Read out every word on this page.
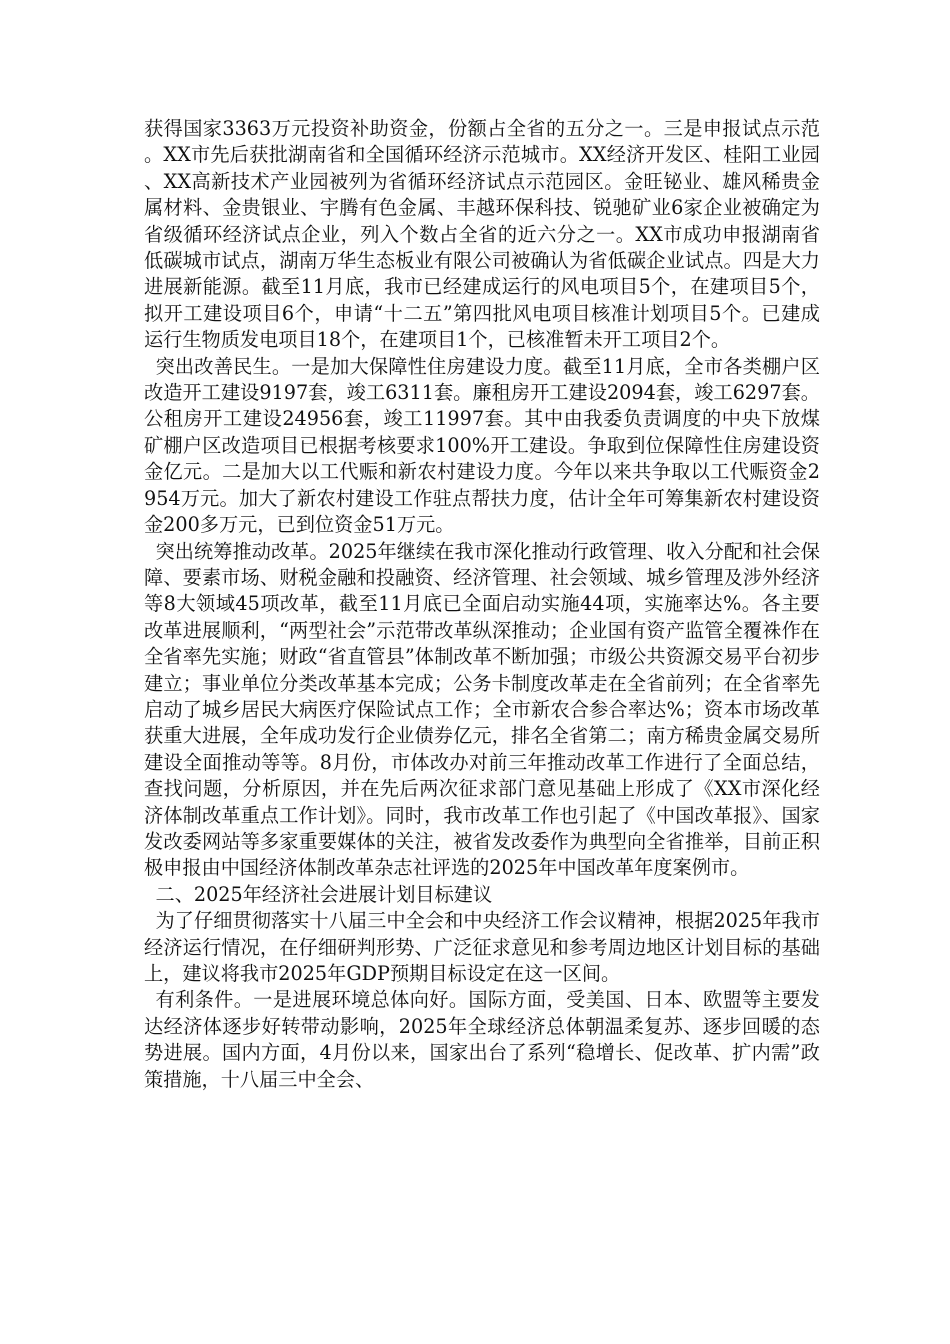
获得国家3363万元投资补助资金，份额占全省的五分之一。三是申报试点示范。XX市先后获批湖南省和全国循环经济示范城市。XX经济开发区、桂阳工业园、XX高新技术产业园被列为省循环经济试点示范园区。金旺铋业、雄风稀贵金属材料、金贵银业、宇腾有色金属、丰越环保科技、锐驰矿业6家企业被确定为省级循环经济试点企业，列入个数占全省的近六分之一。XX市成功申报湖南省低碳城市试点，湖南万华生态板业有限公司被确认为省低碳企业试点。四是大力进展新能源。截至11月底，我市已经建成运行的风电项目5个，在建项目5个，拟开工建设项目6个，申请“十二五”第四批风电项目核准计划项目5个。已建成运行生物质发电项目18个，在建项目1个，已核准暂未开工项目2个。

突出改善民生。一是加大保障性住房建设力度。截至11月底，全市各类棚户区改造开工建设9197套，竣工6311套。廉租房开工建设2094套，竣工6297套。公租房开工建设24956套，竣工11997套。其中由我委负责调度的中央下放煤矿棚户区改造项目已根据考核要求100%开工建设。争取到位保障性住房建设资金亿元。二是加大以工代赈和新农村建设力度。今年以来共争取以工代赈资金2954万元。加大了新农村建设工作驻点帮扶力度，估计全年可筹集新农村建设资金200多万元，已到位资金51万元。

突出统筹推动改革。2025年继续在我市深化推动行政管理、收入分配和社会保障、要素市场、财税金融和投融资、经济管理、社会领域、城乡管理及涉外经济等8大领域45项改革，截至11月底已全面启动实施44项，实施率达%。各主要改革进展顺利，“两型社会”示范带改革纵深推动；企业国有资产监管全覆祩作在全省率先实施；财政“省直管县”体制改革不断加强；市级公共资源交易平台初步建立；事业单位分类改革基本完成；公务卡制度改革走在全省前列；在全省率先启动了城乡居民大病医疗保险试点工作；全市新农合参合率达%；资本市场改革获重大进展，全年成功发行企业债券亿元，排名全省第二；南方稀贵金属交易所建设全面推动等等。8月份，市体改办对前三年推动改革工作进行了全面总结，查找问题，分析原因，并在先后两次征求部门意见基础上形成了《XX市深化经济体制改革重点工作计划》。同时，我市改革工作也引起了《中国改革报》、国家发改委网站等多家重要媒体的关注，被省发改委作为典型向全省推举，目前正积极申报由中国经济体制改革杂志社评选的2025年中国改革年度案例市。

二、2025年经济社会进展计划目标建议

为了仔细贯彻落实十八届三中全会和中央经济工作会议精神，根据2025年我市经济运行情况，在仔细研判形势、广泛征求意见和参考周边地区计划目标的基础上，建议将我市2025年GDP预期目标设定在这一区间。

有利条件。一是进展环境总体向好。国际方面，受美国、日本、欧盟等主要发达经济体逐步好转带动影响，2025年全球经济总体朝温柔复苏、逐步回暖的态势进展。国内方面，4月份以来，国家出台了系列“稳增长、促改革、扩内需”政策措施，十八届三中全会、
